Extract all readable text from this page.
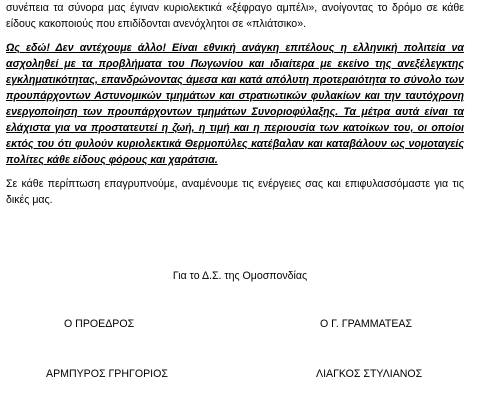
συνέπεια τα σύνορα μας έγιναν κυριολεκτικά «ξέφραγο αμπέλι», ανοίγοντας το δρόμο σε κάθε είδους κακοποιούς που επιδίδονται ανενόχλητοι σε «πλιάτσικο».

Ως εδώ! Δεν αντέχουμε άλλο! Είναι εθνική ανάγκη επιτέλους η ελληνική πολιτεία να ασχοληθεί με τα προβλήματα του Πωγωνίου και ιδιαίτερα με εκείνο της ανεξέλεγκτης εγκληματικότητας, επανδρώνοντας άμεσα και κατά απόλυτη προτεραιότητα το σύνολο των προυπάρχοντων Αστυνομικών τμημάτων και στρατιωτικών φυλακίων και την ταυτόχρονη ενεργοποίηση των προυπάρχοντων τμημάτων Συνοριοφύλαξης. Τα μέτρα αυτά είναι τα ελάχιστα για να προστατευτεί η ζωή, η τιμή και η περιουσία των κατοίκων του, οι οποίοι εκτός του ότι φυλούν κυριολεκτικά Θερμοπύλες κατέβαλαν και καταβάλουν ως νομοταγείς πολίτες κάθε είδους φόρους και χαράτσια.

Σε κάθε περίπτωση επαγρυπνούμε, αναμένουμε τις ενέργειες σας και επιφυλασσόμαστε για τις δικές μας.

Για το Δ.Σ. της Ομοσπονδίας
Ο ΠΡΟΕΔΡΟΣ	Ο Γ. ΓΡΑΜΜΑΤΕΑΣ
ΑΡΜΠΥΡΟΣ ΓΡΗΓΟΡΙΟΣ	ΛΙΑΓΚΟΣ ΣΤΥΛΙΑΝΟΣ
